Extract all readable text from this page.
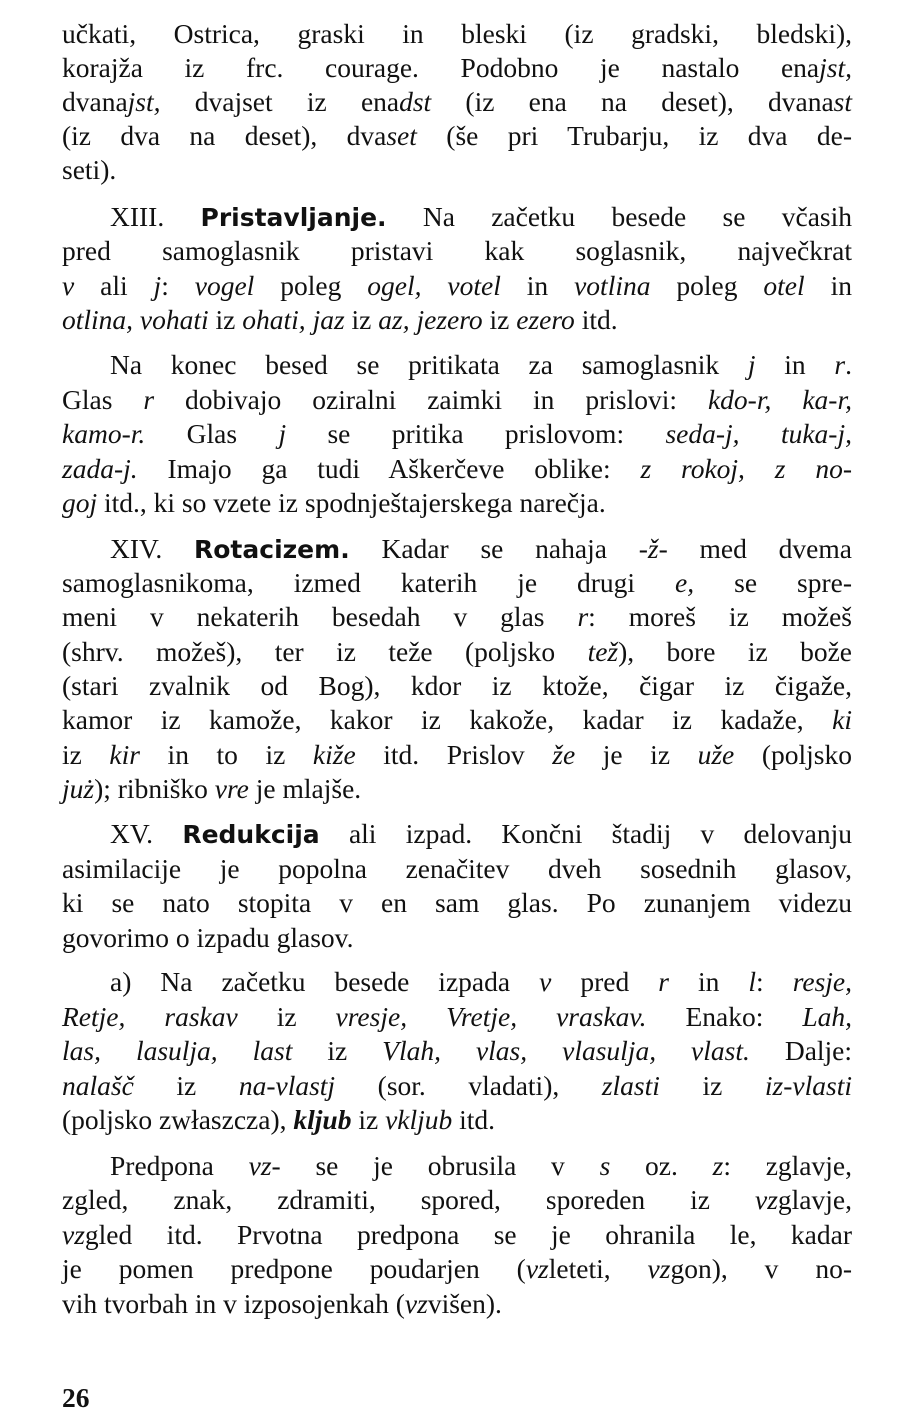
učkati, Ostrica, graski in bleski (iz gradski, bledski),
korajža iz frc. courage. Podobno je nastalo enajst,
dvanajst, dvajset iz enadst (iz ena na deset), dvanast
(iz dva na deset), dvaset (še pri Trubarju, iz dva de-
seti).
XIII. Pristavljanje. Na začetku besede se včasih
pred samoglasnik pristavi kak soglasnik, največkrat
v ali j: vogel poleg ogel, votel in votlina poleg otel in
otlina, vohati iz ohati, jaz iz az, jezero iz ezero itd.
Na konec besed se pritikata za samoglasnik j in r.
Glas r dobivajo oziralni zaimki in prislovi: kdo-r, ka-r,
kamo-r. Glas j se pritika prislovom: seda-j, tuka-j,
zada-j. Imajo ga tudi Aškerčeve oblike: z rokoj, z no-
goj itd., ki so vzete iz spodnještajerskega narečja.
XIV. Rotacizem. Kadar se nahaja -ž- med dvema
samoglasnikoma, izmed katerih je drugi e, se spre-
meni v nekaterih besedah v glas r: moreš iz možeš
(shrv. možeš), ter iz teže (poljsko tež), bore iz bože
(stari zvalnik od Bog), kdor iz ktože, čigar iz čigaže,
kamor iz kamože, kakor iz kakože, kadar iz kadaže, ki
iz kir in to iz kiže itd. Prislov že je iz uže (poljsko
już); ribniško vre je mlajše.
XV. Redukcija ali izpad. Končni štadij v delovanju
asimilacije je popolna zenačitev dveh sosednih glasov,
ki se nato stopita v en sam glas. Po zunanjem videzu
govorimo o izpadu glasov.
a) Na začetku besede izpada v pred r in l: resje,
Retje, raskav iz vresje, Vretje, vraskav. Enako: Lah,
las, lasulja, last iz Vlah, vlas, vlasulja, vlast. Dalje:
nalašč iz na-vlastj (sor. vladati), zlasti iz iz-vlasti
(poljsko zwłaszcza), kljub iz vkljub itd.
Predpona vz- se je obrusila v s oz. z: zglavje,
zgled, znak, zdramiti, spored, sporeden iz vzglavje,
vzgled itd. Prvotna predpona se je ohranila le, kadar
je pomen predpone poudarjen (vzleteti, vzgon), v no-
vih tvorbah in v izposojenkah (vzvišen).
26
